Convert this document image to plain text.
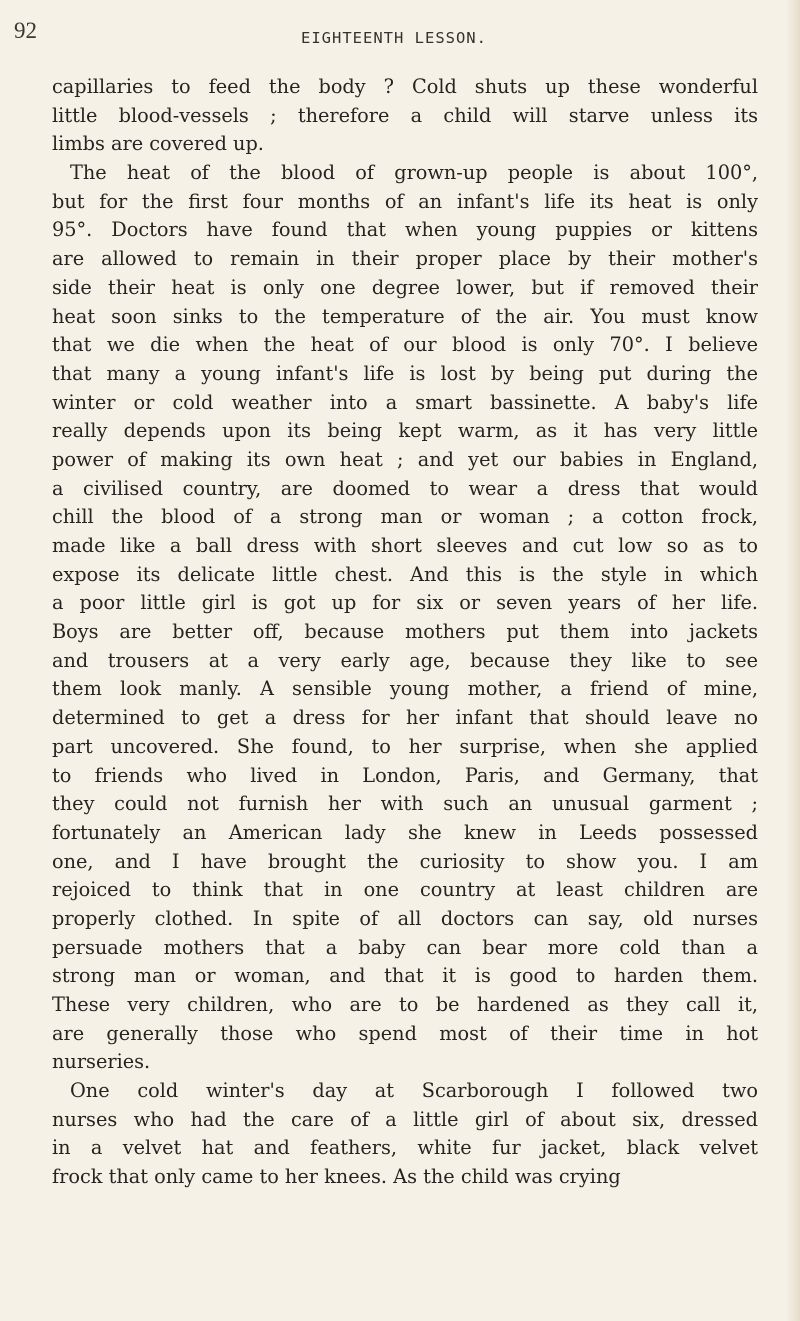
92	EIGHTEENTH LESSON.
capillaries to feed the body ? Cold shuts up these wonderful
little blood-vessels ; therefore a child will starve unless its
limbs are covered up.
The heat of the blood of grown-up people is about 100°,
but for the first four months of an infant's life its heat is only
95°. Doctors have found that when young puppies or kittens
are allowed to remain in their proper place by their mother's
side their heat is only one degree lower, but if removed their
heat soon sinks to the temperature of the air. You must know
that we die when the heat of our blood is only 70°. I believe
that many a young infant's life is lost by being put during the
winter or cold weather into a smart bassinette. A baby's life
really depends upon its being kept warm, as it has very little
power of making its own heat ; and yet our babies in England,
a civilised country, are doomed to wear a dress that would
chill the blood of a strong man or woman ; a cotton frock,
made like a ball dress with short sleeves and cut low so as to
expose its delicate little chest. And this is the style in which
a poor little girl is got up for six or seven years of her life.
Boys are better off, because mothers put them into jackets
and trousers at a very early age, because they like to see
them look manly. A sensible young mother, a friend of mine,
determined to get a dress for her infant that should leave no
part uncovered. She found, to her surprise, when she applied
to friends who lived in London, Paris, and Germany, that
they could not furnish her with such an unusual garment ;
fortunately an American lady she knew in Leeds possessed
one, and I have brought the curiosity to show you. I am
rejoiced to think that in one country at least children are
properly clothed. In spite of all doctors can say, old nurses
persuade mothers that a baby can bear more cold than a
strong man or woman, and that it is good to harden them.
These very children, who are to be hardened as they call it,
are generally those who spend most of their time in hot
nurseries.
One cold winter's day at Scarborough I followed two
nurses who had the care of a little girl of about six, dressed
in a velvet hat and feathers, white fur jacket, black velvet
frock that only came to her knees. As the child was crying
